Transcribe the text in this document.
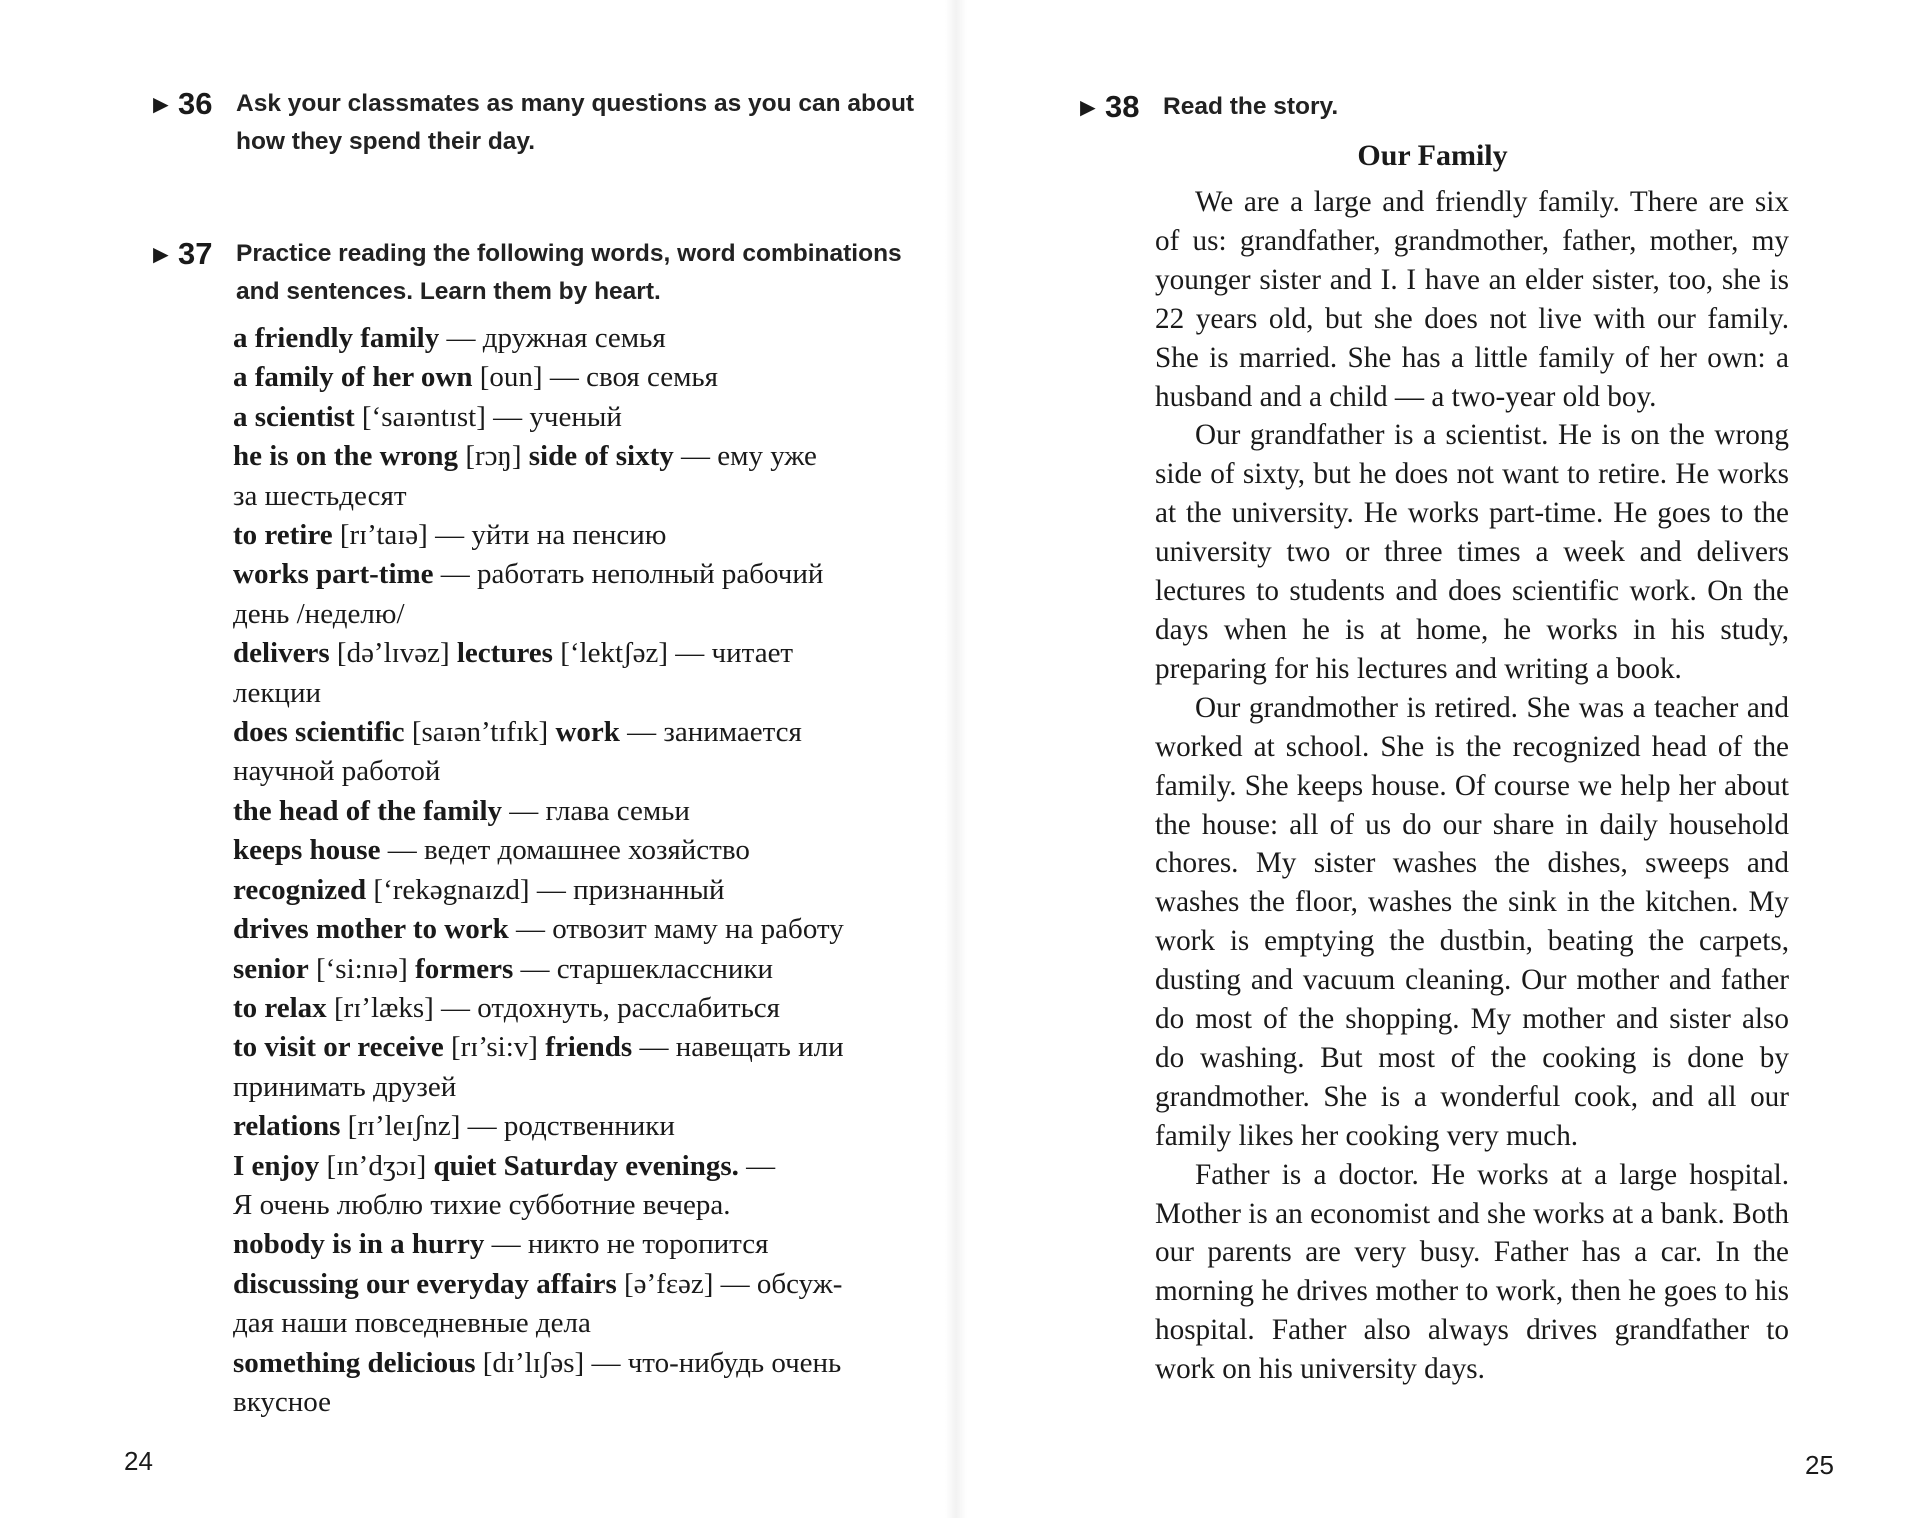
► 36 Ask your classmates as many questions as you can about
how they spend their day.
► 37 Practice reading the following words, word combinations
and sentences. Learn them by heart.

a friendly family — дружная семья

a family of her own [oun] — своя семья

a scientist [‘saɪəntɪst] — ученый

he is on the wrong [rɔŋ] side of sixty — ему уже

за шестьдесят

to retire [rɪ’taɪə] — уйти на пенсию

works part-time — работать неполный рабочий

день /неделю/

delivers [də’lɪvəz] lectures [‘lektʃəz] — читает

лекции

does scientific [saɪən’tɪfɪk] work — занимается

научной работой

the head of the family — глава семьи

keeps house — ведет домашнее хозяйство

recognized [‘rekəgnaɪzd] — признанный

drives mother to work — отвозит маму на работу

senior [‘si:nɪə] formers — старшеклассники

to relax [rɪ’læks] — отдохнуть, расслабиться

to visit or receive [rɪ’si:v] friends — навещать или

принимать друзей

relations [rɪ’leɪʃnz] — родственники

I enjoy [ɪn’dʒɔɪ] quiet Saturday evenings. —

Я очень люблю тихие субботние вечера.

nobody is in a hurry — никто не торопится

discussing our everyday affairs [ə’fɛəz] — обсуж-

дая наши повседневные дела

something delicious [dɪ’lɪʃəs] — что-нибудь очень

вкусное

24
► 38 Read the story.
Our Family

We are a large and friendly family. There are six of us: grandfather, grandmother, father, mother, my younger sister and I. I have an elder sister, too, she is 22 years old, but she does not live with our family. She is married. She has a little family of her own: a husband and a child — a two-year old boy.

Our grandfather is a scientist. He is on the wrong side of sixty, but he does not want to retire. He works at the university. He works part-time. He goes to the university two or three times a week and delivers lectures to students and does scientific work. On the days when he is at home, he works in his study, preparing for his lectures and writing a book.

Our grandmother is retired. She was a teacher and worked at school. She is the recognized head of the family. She keeps house. Of course we help her about the house: all of us do our share in daily household chores. My sister washes the dishes, sweeps and washes the floor, washes the sink in the kitchen. My work is emptying the dustbin, beating the carpets, dusting and vacuum cleaning. Our mother and father do most of the shopping. My mother and sister also do washing. But most of the cooking is done by grandmother. She is a wonderful cook, and all our family likes her cooking very much.

Father is a doctor. He works at a large hospital. Mother is an economist and she works at a bank. Both our parents are very busy. Father has a car. In the morning he drives mother to work, then he goes to his hospital. Father also always drives grandfather to work on his university days.

25
